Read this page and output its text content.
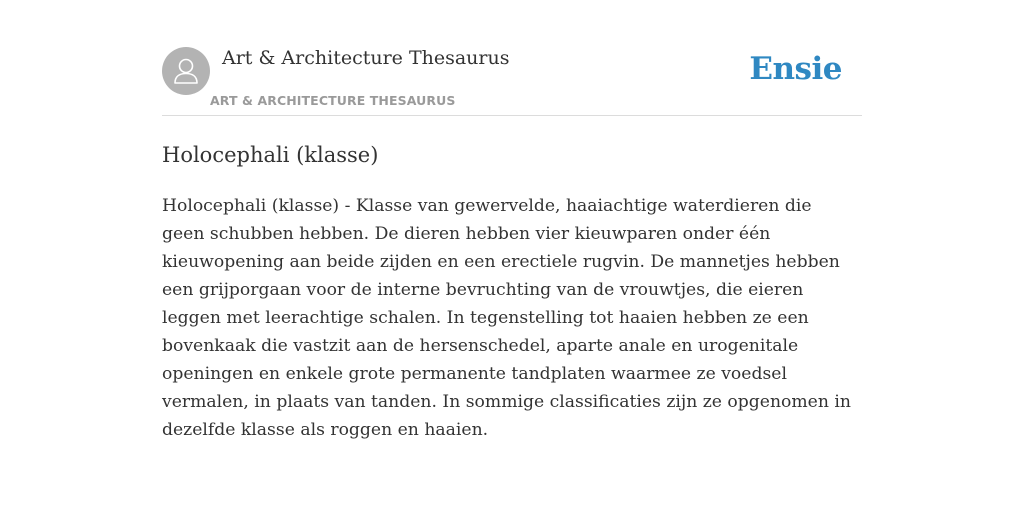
Art & Architecture Thesaurus
ART & ARCHITECTURE THESAURUS
Ensie
Holocephali (klasse)

Holocephali (klasse) - Klasse van gewervelde, haaiachtige waterdieren die geen schubben hebben. De dieren hebben vier kieuwparen onder één kieuwopening aan beide zijden en een erectiele rugvin. De mannetjes hebben een grijporgaan voor de interne bevruchting van de vrouwtjes, die eieren leggen met leerachtige schalen. In tegenstelling tot haaien hebben ze een bovenkaak die vastzit aan de hersenschedel, aparte anale en urogenitale openingen en enkele grote permanente tandplaten waarmee ze voedsel vermalen, in plaats van tanden. In sommige classificaties zijn ze opgenomen in dezelfde klasse als roggen en haaien.
